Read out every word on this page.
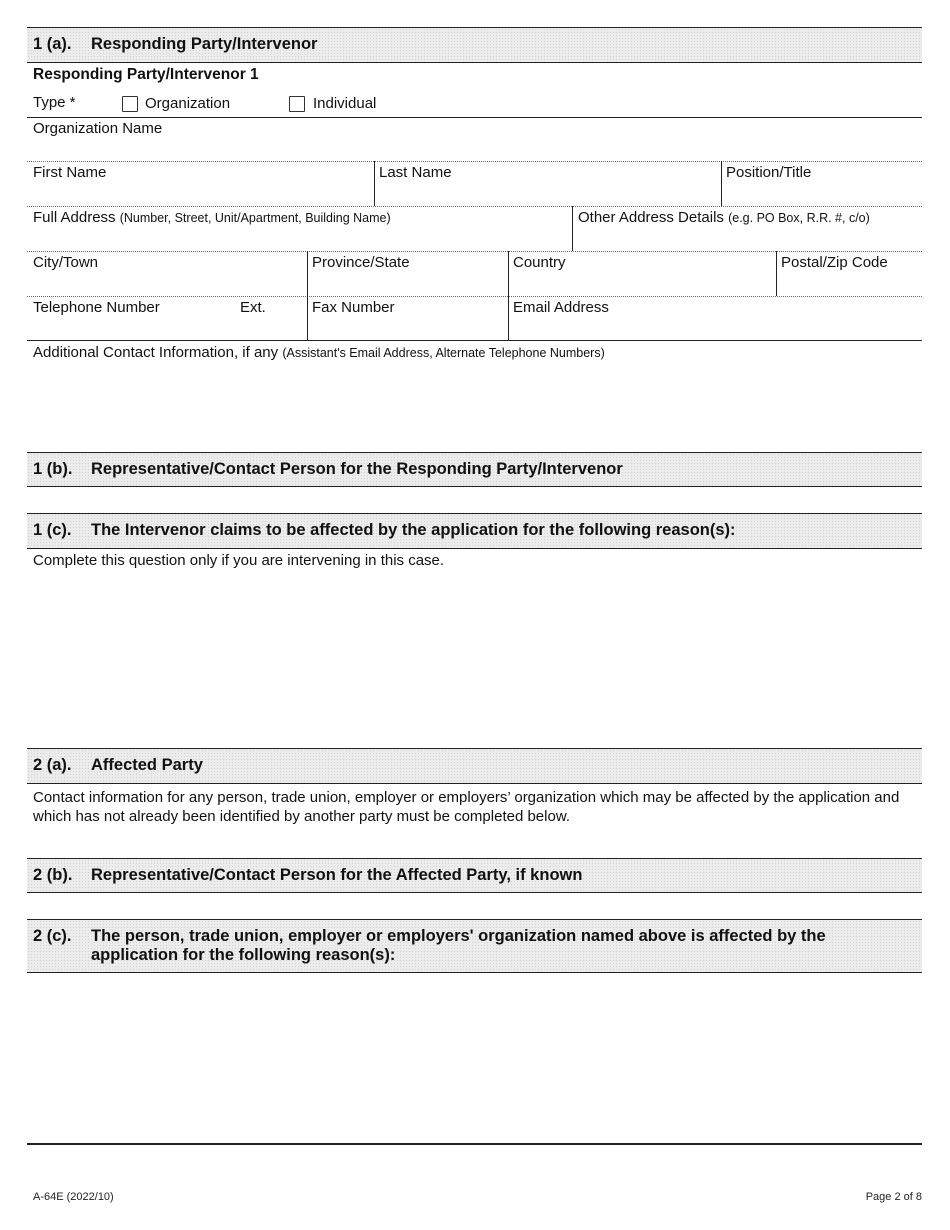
1 (a). Responding Party/Intervenor
Responding Party/Intervenor 1
Type *	Organization	Individual
Organization Name
First Name	Last Name	Position/Title
Full Address (Number, Street, Unit/Apartment, Building Name)	Other Address Details (e.g. PO Box, R.R. #, c/o)
City/Town	Province/State	Country	Postal/Zip Code
Telephone Number	Ext.	Fax Number	Email Address
Additional Contact Information, if any (Assistant's Email Address, Alternate Telephone Numbers)
1 (b). Representative/Contact Person for the Responding Party/Intervenor
1 (c). The Intervenor claims to be affected by the application for the following reason(s):
Complete this question only if you are intervening in this case.
2 (a). Affected Party
Contact information for any person, trade union, employer or employers’ organization which may be affected by the application and which has not already been identified by another party must be completed below.
2 (b). Representative/Contact Person for the Affected Party, if known
2 (c). The person, trade union, employer or employers' organization named above is affected by the application for the following reason(s):
A-64E (2022/10)	Page 2 of 8
